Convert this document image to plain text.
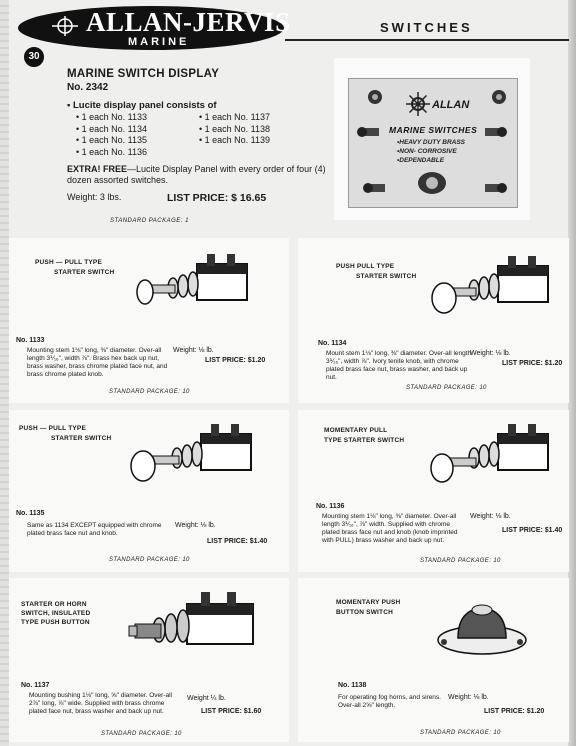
ALLAN-JERVIS
MARINE
30
SWITCHES
MARINE SWITCH DISPLAY
No. 2342
• Lucite display panel consists of
• 1 each No. 1133
• 1 each No. 1134
• 1 each No. 1135
• 1 each No. 1136
• 1 each No. 1137
• 1 each No. 1138
• 1 each No. 1139
EXTRA! FREE—Lucite Display Panel with every order of four (4) dozen assorted switches.
Weight: 3 lbs.	LIST PRICE: $ 16.65
STANDARD PACKAGE: 1
ALLAN
MARINE SWITCHES
•HEAVY DUTY BRASS
•NON- CORROSIVE
•DEPENDABLE
PUSH — PULL TYPE
STARTER SWITCH
No. 1133
Mounting stem 1⅛" long, ⅜" diameter. Over-all length 3⅟₁₆", width ⅞". Brass hex back up nut, brass washer, brass chrome plated face nut, and brass chrome plated knob.
Weight: ⅛ lb.
LIST PRICE: $1.20
STANDARD PACKAGE: 10
PUSH PULL TYPE
STARTER SWITCH
No. 1134
Mount stem 1⅛" long, ⅜" diameter. Over-all length 3⅟₁₆", width ⅞". Ivory tenite knob, with chrome plated brass face nut, brass washer, and back up nut.
Weight: ⅛ lb.
LIST PRICE: $1.20
STANDARD PACKAGE: 10
PUSH — PULL TYPE
STARTER SWITCH
No. 1135
Same as 1134 EXCEPT equipped with chrome plated brass face nut and knob.
Weight: ⅛ lb.
LIST PRICE: $1.40
STANDARD PACKAGE: 10
MOMENTARY PULL
TYPE STARTER SWITCH
No. 1136
Mounting stem 1⅛" long, ⅜" diameter. Over-all length 3⅟₁₆", ⅞" width. Supplied with chrome plated brass face nut and knob (knob imprinted with PULL) brass washer and back up nut.
Weight: ⅛ lb.
LIST PRICE: $1.40
STANDARD PACKAGE: 10
STARTER OR HORN
SWITCH, INSULATED
TYPE PUSH BUTTON
No. 1137
Mounting bushing 1⅛" long, ⅝" diameter. Over-all 2⅞" long, ⅞" wide. Supplied with brass chrome plated face nut, brass washer and back up nut.
Weight ¼ lb.
LIST PRICE: $1.60
STANDARD PACKAGE: 10
MOMENTARY PUSH
BUTTON SWITCH
No. 1138
For operating fog horns, and sirens. Over-all 2⅝" length.
Weight: ⅛ lb.
LIST PRICE: $1.20
STANDARD PACKAGE: 10
